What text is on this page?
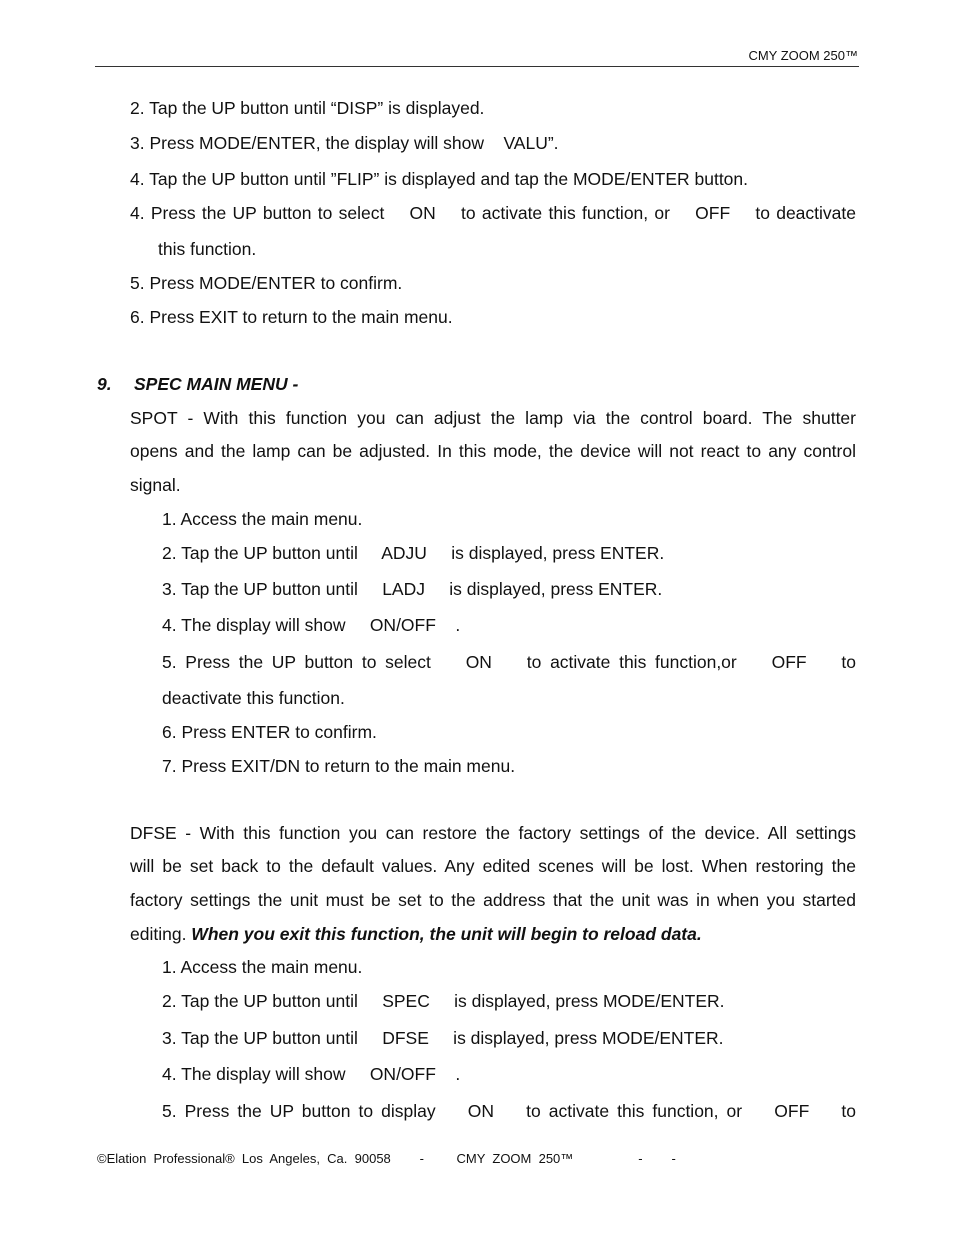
CMY ZOOM 250™
2. Tap the UP button until “DISP” is displayed.
3. Press MODE/ENTER, the display will show    VALU”.
4. Tap the UP button until ”FLIP” is displayed and tap the MODE/ENTER button.
4. Press the UP button to select    ON    to activate this function, or    OFF    to deactivate
this function.
5. Press MODE/ENTER to confirm.
6. Press EXIT to return to the main menu.
9. SPEC MAIN MENU -
SPOT - With this function you can adjust the lamp via the control board. The shutter
opens and the lamp can be adjusted. In this mode, the device will not react to any control
signal.
1. Access the main menu.
2. Tap the UP button until     ADJU     is displayed, press ENTER.
3. Tap the UP button until     LADJ     is displayed, press ENTER.
4. The display will show     ON/OFF    .
5. Press the UP button to select    ON    to activate this function,or    OFF    to
deactivate this function.
6. Press ENTER to confirm.
7. Press EXIT/DN to return to the main menu.
DFSE - With this function you can restore the factory settings of the device. All settings
will be set back to the default values. Any edited scenes will be lost. When restoring the
factory settings the unit must be set to the address that the unit was in when you started
editing. When you exit this function, the unit will begin to reload data.
1. Access the main menu.
2. Tap the UP button until     SPEC     is displayed, press MODE/ENTER.
3. Tap the UP button until     DFSE     is displayed, press MODE/ENTER.
4. The display will show     ON/OFF    .
5. Press the UP button to display    ON    to activate this function, or    OFF    to
©Elation  Professional®  Los  Angeles,  Ca.  90058        -         CMY  ZOOM  250™                  -        -
